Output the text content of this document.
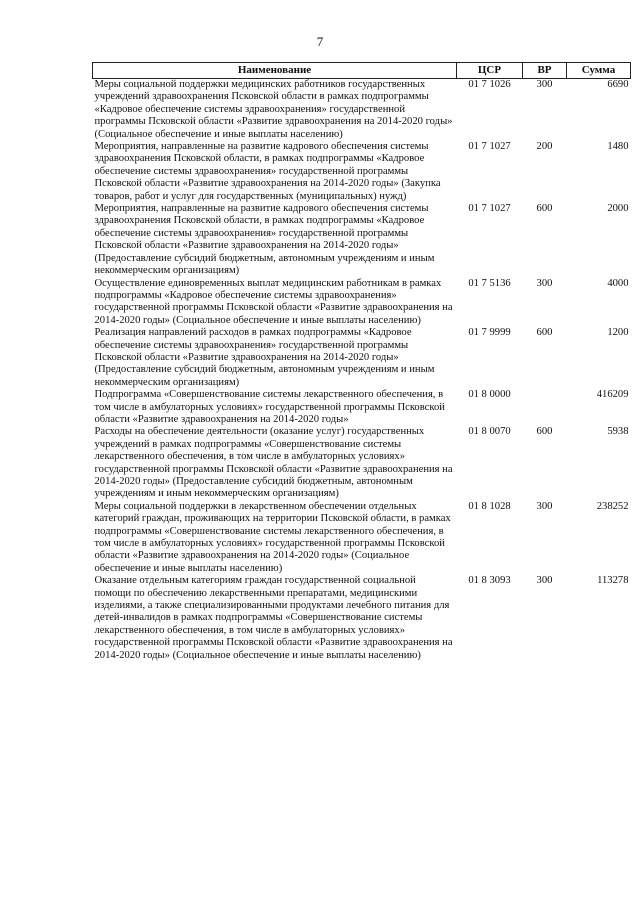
7
Наименование	ЦСР	ВР	Сумма
Меры социальной поддержки медицинских работников государственных учреждений здравоохранения Псковской области в рамках подпрограммы «Кадровое обеспечение системы здравоохранения» государственной программы Псковской области «Развитие здравоохранения на 2014-2020 годы» (Социальное обеспечение и иные выплаты населению)	01 7 1026	300	6690
Мероприятия, направленные на развитие кадрового обеспечения системы здравоохранения Псковской области, в рамках подпрограммы «Кадровое обеспечение системы здравоохранения» государственной программы Псковской области «Развитие здравоохранения на 2014-2020 годы» (Закупка товаров, работ и услуг для государственных (муниципальных) нужд)	01 7 1027	200	1480
Мероприятия, направленные на развитие кадрового обеспечения системы здравоохранения Псковской области, в рамках подпрограммы «Кадровое обеспечение системы здравоохранения» государственной программы Псковской области «Развитие здравоохранения на 2014-2020 годы» (Предоставление субсидий бюджетным, автономным учреждениям и иным некоммерческим организациям)	01 7 1027	600	2000
Осуществление единовременных выплат медицинским работникам в рамках подпрограммы «Кадровое обеспечение системы здравоохранения» государственной программы Псковской области «Развитие здравоохранения на 2014-2020 годы» (Социальное обеспечение и иные выплаты населению)	01 7 5136	300	4000
Реализация направлений расходов в рамках подпрограммы «Кадровое обеспечение системы здравоохранения» государственной программы Псковской области «Развитие здравоохранения на 2014-2020 годы» (Предоставление субсидий бюджетным, автономным учреждениям и иным некоммерческим организациям)	01 7 9999	600	1200
Подпрограмма «Совершенствование системы лекарственного обеспечения, в том числе в амбулаторных условиях» государственной программы Псковской области «Развитие здравоохранения на 2014-2020 годы»	01 8 0000		416209
Расходы на обеспечение деятельности (оказание услуг) государственных учреждений в рамках подпрограммы «Совершенствование системы лекарственного обеспечения, в том числе в амбулаторных условиях» государственной программы Псковской области «Развитие здравоохранения на 2014-2020 годы» (Предоставление субсидий бюджетным, автономным учреждениям и иным некоммерческим организациям)	01 8 0070	600	5938
Меры социальной поддержки в лекарственном обеспечении отдельных категорий граждан, проживающих на территории Псковской области, в рамках подпрограммы «Совершенствование системы лекарственного обеспечения, в том числе в амбулаторных условиях» государственной программы Псковской области «Развитие здравоохранения на 2014-2020 годы» (Социальное обеспечение и иные выплаты населению)	01 8 1028	300	238252
Оказание отдельным категориям граждан государственной социальной помощи по обеспечению лекарственными препаратами, медицинскими изделиями, а также специализированными продуктами лечебного питания для детей-инвалидов в рамках подпрограммы «Совершенствование системы лекарственного обеспечения, в том числе в амбулаторных условиях» государственной программы Псковской области «Развитие здравоохранения на 2014-2020 годы» (Социальное обеспечение и иные выплаты населению)	01 8 3093	300	113278
